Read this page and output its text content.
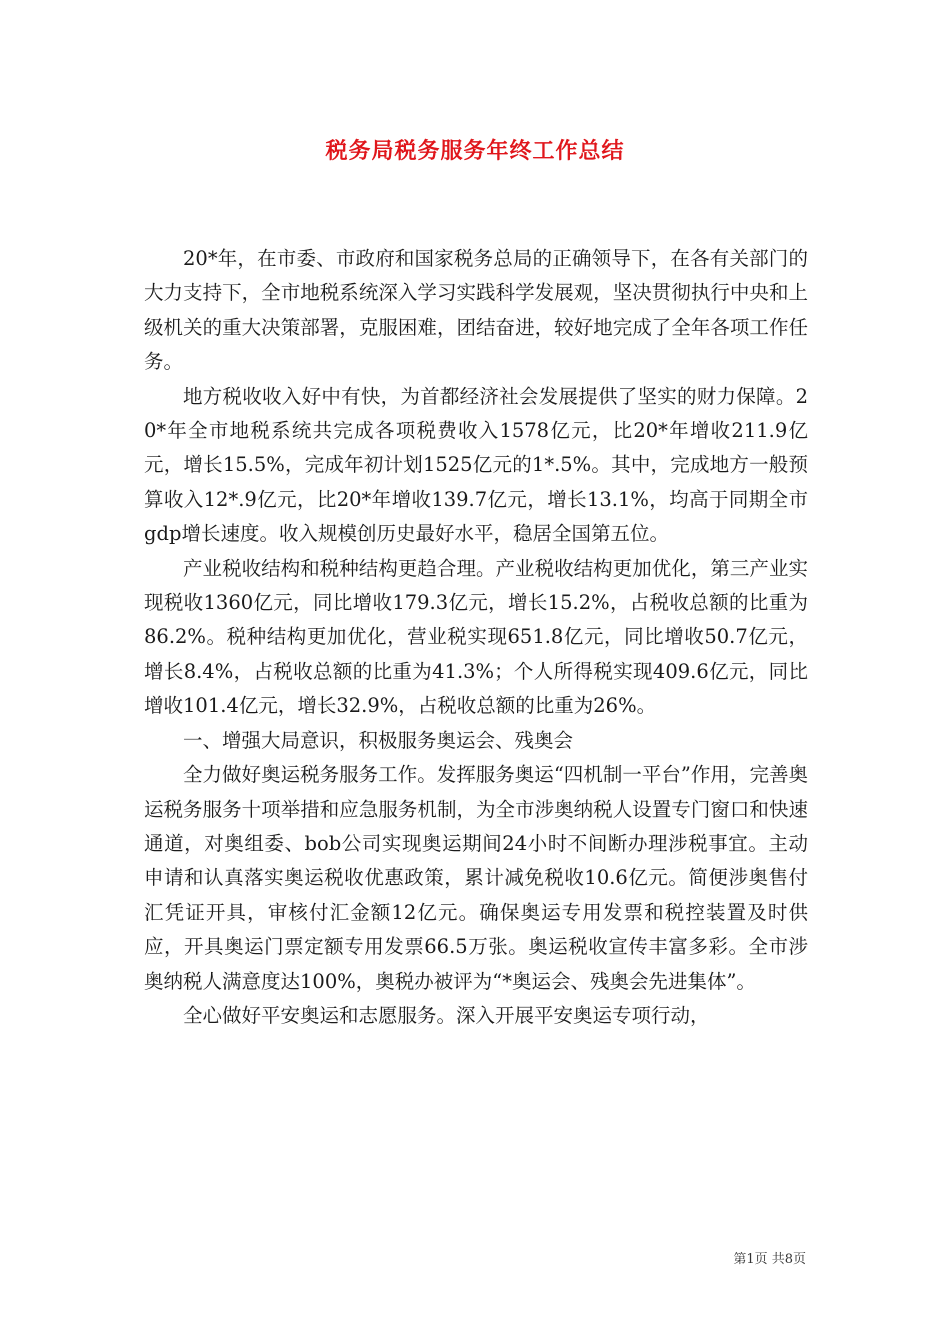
税务局税务服务年终工作总结

20*年，在市委、市政府和国家税务总局的正确领导下，在各有关部门的大力支持下，全市地税系统深入学习实践科学发展观，坚决贯彻执行中央和上级机关的重大决策部署，克服困难，团结奋进，较好地完成了全年各项工作任务。

地方税收收入好中有快，为首都经济社会发展提供了坚实的财力保障。20*年全市地税系统共完成各项税费收入1578亿元，比20*年增收211.9亿元，增长15.5%，完成年初计划1525亿元的1*.5%。其中，完成地方一般预算收入12*.9亿元，比20*年增收139.7亿元，增长13.1%，均高于同期全市gdp增长速度。收入规模创历史最好水平，稳居全国第五位。

产业税收结构和税种结构更趋合理。产业税收结构更加优化，第三产业实现税收1360亿元，同比增收179.3亿元，增长15.2%，占税收总额的比重为86.2%。税种结构更加优化，营业税实现651.8亿元，同比增收50.7亿元，增长8.4%，占税收总额的比重为41.3%；个人所得税实现409.6亿元，同比增收101.4亿元，增长32.9%，占税收总额的比重为26%。

一、增强大局意识，积极服务奥运会、残奥会

全力做好奥运税务服务工作。发挥服务奥运“四机制一平台”作用，完善奥运税务服务十项举措和应急服务机制，为全市涉奥纳税人设置专门窗口和快速通道，对奥组委、bob公司实现奥运期间24小时不间断办理涉税事宜。主动申请和认真落实奥运税收优惠政策，累计减免税收10.6亿元。简便涉奥售付汇凭证开具，审核付汇金额12亿元。确保奥运专用发票和税控装置及时供应，开具奥运门票定额专用发票66.5万张。奥运税收宣传丰富多彩。全市涉奥纳税人满意度达100%，奥税办被评为“*奥运会、残奥会先进集体”。

全心做好平安奥运和志愿服务。深入开展平安奥运专项行动，

第1页 共8页
